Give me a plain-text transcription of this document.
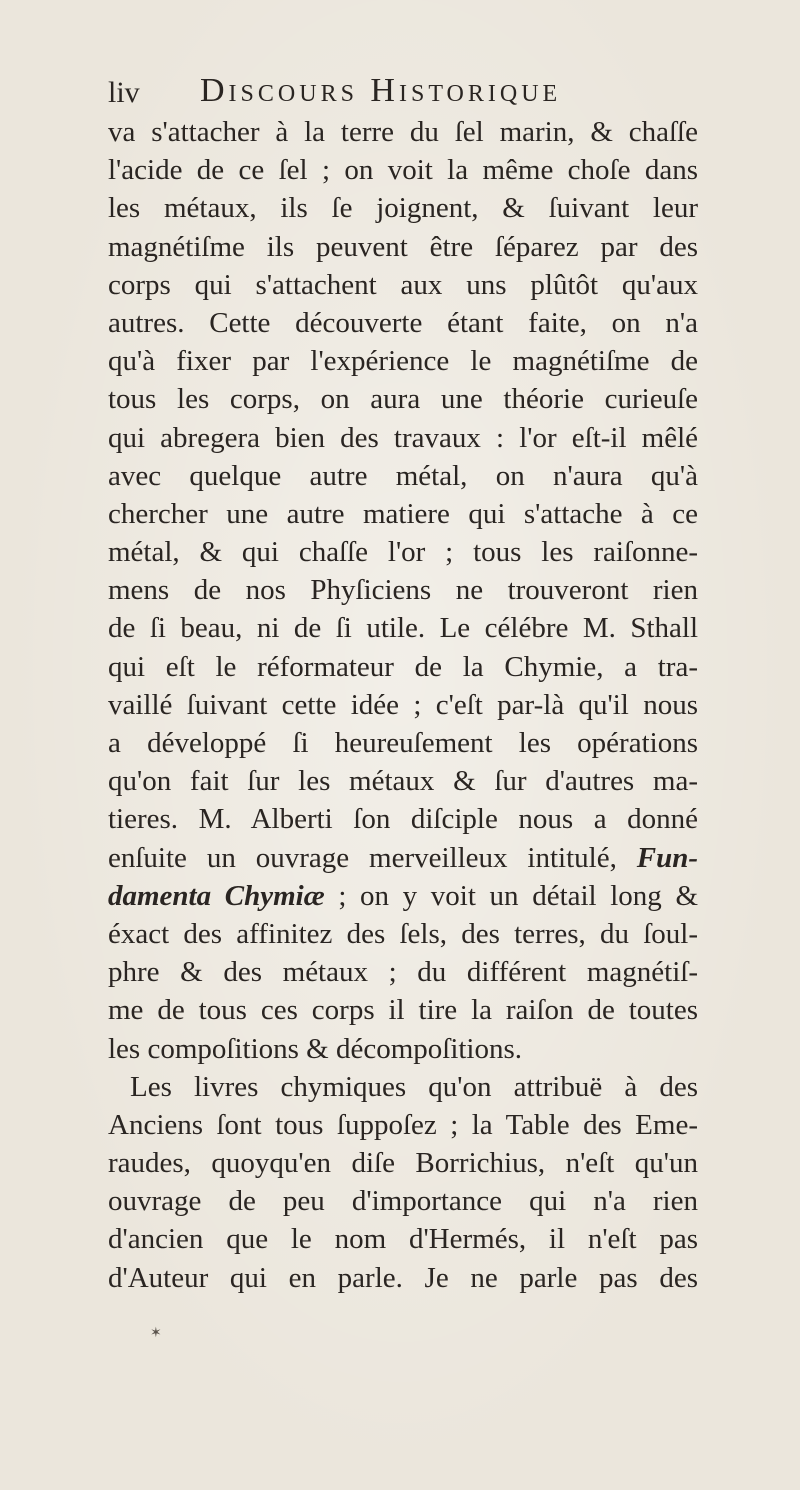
liv Discours Historique
va s'attacher à la terre du ſel marin, & chaſſe
l'acide de ce ſel ; on voit la même choſe dans
les métaux, ils ſe joignent, & ſuivant leur
magnétiſme ils peuvent être ſéparez par des
corps qui s'attachent aux uns plûtôt qu'aux
autres. Cette découverte étant faite, on n'a
qu'à fixer par l'expérience le magnétiſme de
tous les corps, on aura une théorie curieuſe
qui abregera bien des travaux : l'or eſt-il mêlé
avec quelque autre métal, on n'aura qu'à
chercher une autre matiere qui s'attache à ce
métal, & qui chaſſe l'or ; tous les raiſonne-
mens de nos Phyſiciens ne trouveront rien
de ſi beau, ni de ſi utile. Le célébre M. Sthall
qui eſt le réformateur de la Chymie, a tra-
vaillé ſuivant cette idée ; c'eſt par-là qu'il nous
a développé ſi heureuſement les opérations
qu'on fait ſur les métaux & ſur d'autres ma-
tieres. M. Alberti ſon diſciple nous a donné
enſuite un ouvrage merveilleux intitulé, Fun-
damenta Chymiæ ; on y voit un détail long &
éxact des affinitez des ſels, des terres, du ſoul-
phre & des métaux ; du différent magnétiſ-
me de tous ces corps il tire la raiſon de toutes
les compoſitions & décompoſitions.
Les livres chymiques qu'on attribuë à des
Anciens ſont tous ſuppoſez ; la Table des Eme-
raudes, quoyqu'en diſe Borrichius, n'eſt qu'un
ouvrage de peu d'importance qui n'a rien
d'ancien que le nom d'Hermés, il n'eſt pas
d'Auteur qui en parle. Je ne parle pas des
✶
